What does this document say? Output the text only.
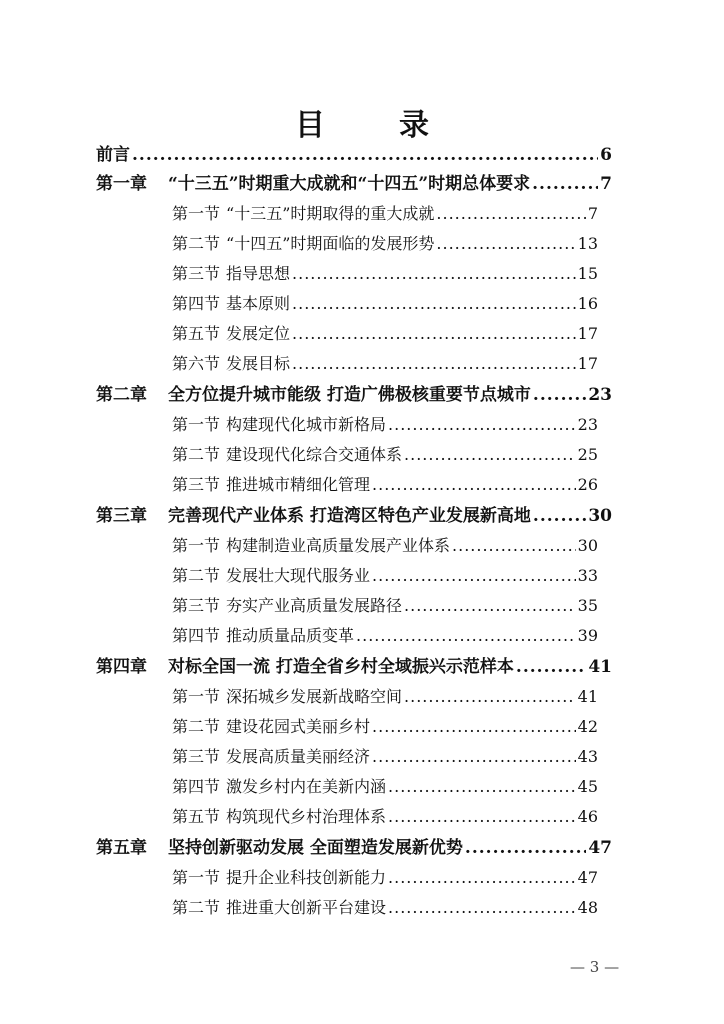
目　录
前言 .....	6
第一章	“十三五”时期重大成就和“十四五”时期总体要求 .....	7
第一节 “十三五”时期取得的重大成就 .....	7
第二节 “十四五”时期面临的发展形势 .....	13
第三节 指导思想 .....	15
第四节 基本原则 .....	16
第五节 发展定位 .....	17
第六节 发展目标 .....	17
第二章	全方位提升城市能级 打造广佛极核重要节点城市 .....	23
第一节 构建现代化城市新格局 .....	23
第二节 建设现代化综合交通体系 .....	25
第三节 推进城市精细化管理 .....	26
第三章	完善现代产业体系 打造湾区特色产业发展新高地 .....	30
第一节 构建制造业高质量发展产业体系 .....	30
第二节 发展壮大现代服务业 .....	33
第三节 夯实产业高质量发展路径 .....	35
第四节 推动质量品质变革 .....	39
第四章	对标全国一流 打造全省乡村全域振兴示范样本 .....	41
第一节 深拓城乡发展新战略空间 .....	41
第二节 建设花园式美丽乡村 .....	42
第三节 发展高质量美丽经济 .....	43
第四节 激发乡村内在美新内涵 .....	45
第五节 构筑现代乡村治理体系 .....	46
第五章	坚持创新驱动发展 全面塑造发展新优势 .....	47
第一节 提升企业科技创新能力 .....	47
第二节 推进重大创新平台建设 .....	48
— 3 —
